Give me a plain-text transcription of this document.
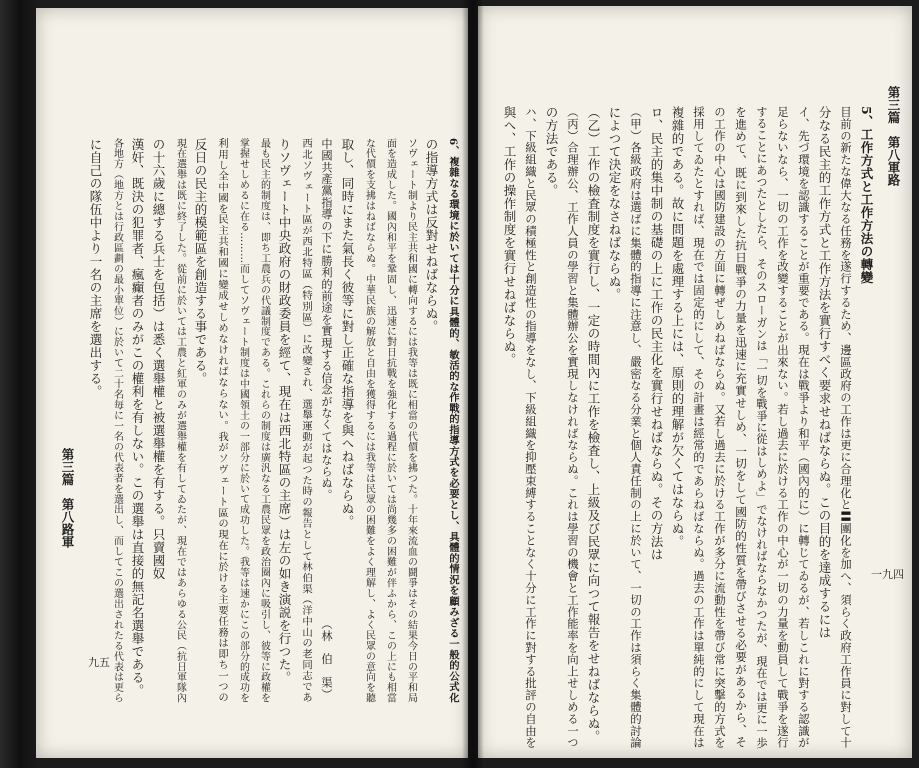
6、複雜なる環境に於いては十分に具體的、敏活的な作戰的指導方式を必要とし、具體的情況を顧みざる一般的公式化
の指導方式は反對せねばならぬ。
ソヴェート制より民主共和國に轉向するには我等は既に相當の代價を拂つた。十年來流血の鬪爭はその結果今日の平和局
面を造成した。國內和平を鞏固し、迅速に對日抗戰を強化する過程に於いては尚幾多の困難が伴ふから、この上にも相當
な代價を支拂はねばならぬ。中華民族の解放と自由を獲得するには我等は民眾の困難をよく理解し、よく民眾の意向を聽
取し、同時にまた氣長く彼等に對し正確な指導を與へねばならぬ。
中國共產黨指導の下に勝利的前途を實現する信念がなくてはならぬ。　　　　　　　　　　　（林　伯　渠）
西北ソヴェート區が西北特區（特別區）に改變され、選舉運動が起つた時の報告として林伯渠（洋中山の老同志であ
りソヴェート中央政府の財政委員を經て、現在は西北特區の主席）は左の如き演説を行つた。
最も民主的制度は、即ち工農兵の代議制度である。これらの制度は廣汎なる工農民眾を政治圈內に吸引し、彼等に政權を
掌握せしめるに在る………而してソヴェート制度は中國領土の一部分に於いて成功した。我等は速かにこの部分的成功を
利用し全中國を民主共和國に變成せしめなければならない。我がソヴェート區の現在に於ける主要任務は即ち一つの
反日の民主的模範區を創造する事である。
現在選舉は既に終了した。從前に於いては工農と紅軍のみが選舉權を有してゐたが、現在ではあらゆる公民（抗日軍隊內
の十六歲に總する兵士を包括）は悉く選舉權と被選舉權を有する。只賣國奴
漢奸、既決の犯罪者、瘋癲者のみがこの權利を有しない。この選舉は直接的無記名選舉である。
各地方（地方とは行政區劃の最小單位）に於いて二十名毎に一名の代表者を選出し、而してこの選出されたる代表は更ら
に自己の隊伍中より一名の主席を選出する。
第三篇　第八路軍
九五
5、工作方式と工作方法の轉變
目前の新たな偉大なる任務を遂行するため、邊區政府の工作は更に合理化と〓團化を加へ、須らく政府工作員に對して十
分なる民主的工作方式と工作方法を實行すべく要求せねばならぬ。この目的を達成するには
イ、先づ環境を認識することが重要である。現在は戰爭より和平（國內的に）に轉じてゐるが、若しこれに對する認識が
足らないなら、一切の工作を改變することが出來ない。若し過去に於ける工作の中心が一切の力量を動員して戰爭を遂行
することにあつたとしたら、そのスローガンは「一切を戰爭に從はしめよ」でなければならなかつたが、現在では更に一歩
を進めて、既に到來した抗日戰爭の力量を迅速に充實せしめ、一切をして國防的性質を帶びさせる必要があるから、そ
の工作の中心は國防建設の方面に轉ぜしめねばならぬ。又若し過去に於ける工作が多分に流動性を帶び常に突擊的方式を
採用してゐたとすれば、現在では固定的にして、その計畫は經常的であらねばならぬ。過去の工作は單純的にして現在は
複雜的である。故に問題を處理する上には、原則的理解が欠くてはならぬ。
ロ、民主的集中制の基礎の上に工作の民主化を實行せねばならぬ。その方法は
（甲）各級政府は選ばに集體的指導に注意し、嚴密なる分業と個人責任制の上に於いて、一切の工作は須らく集體的討論
によつて決定をなさねばならぬ。
（乙）工作の檢査制度を實行し、一定の時間內に工作を檢査し、上級及び民眾に向つて報告をせねばならぬ。
（丙）合理辦公、工作人員の學習と集體辦公を實現しなければならぬ。これは學習の機會と工作能率を向上せしめる一つ
の方法である。
ハ、下級組織と民眾の積極性と創造性の指導をなし、下級組織を抑壓束縛することなく十分に工作に對する批評の自由を
與へ、工作の操作制度を實行せねばならぬ。	第三篇　第八軍路
一九四
